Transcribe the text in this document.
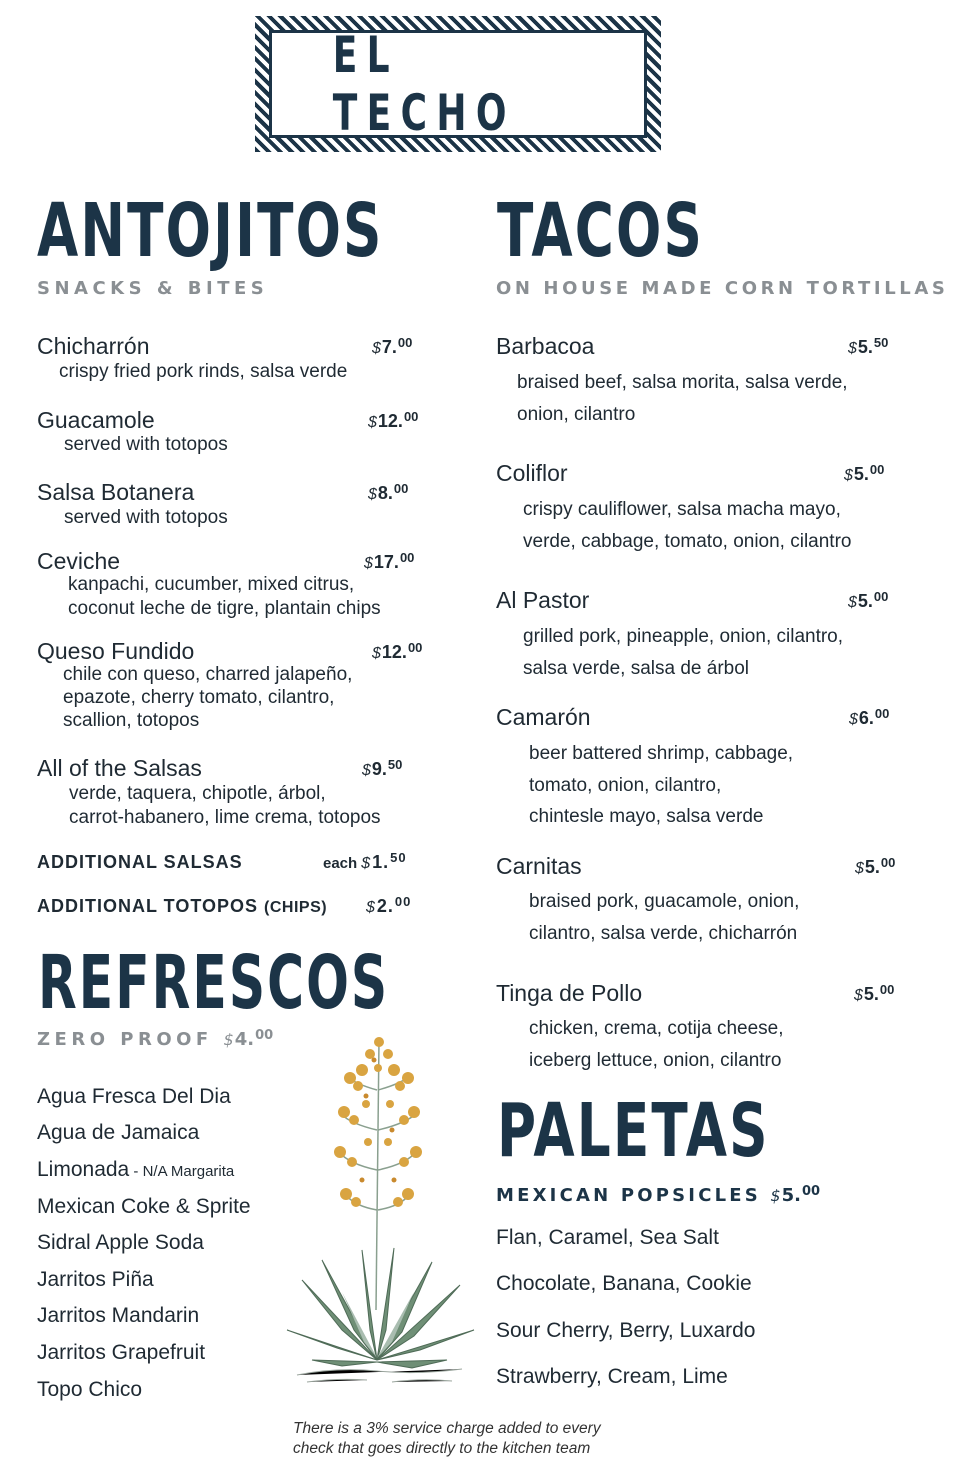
EL TECHO
ANTOJITOS
SNACKS & BITES
Chicharrón	$7.00

crispy fried pork rinds, salsa verde

Guacamole	$12.00

served with totopos

Salsa Botanera	$8.00

served with totopos

Ceviche	$17.00

kanpachi, cucumber, mixed citrus,
coconut leche de tigre, plantain chips

Queso Fundido	$12.00

chile con queso, charred jalapeño,
epazote, cherry tomato, cilantro,
scallion, totopos

All of the Salsas	$9.50

verde, taquera, chipotle, árbol,
carrot-habanero, lime crema, totopos

ADDITIONAL SALSAS	each $1.50
ADDITIONAL TOTOPOS (CHIPS) $2.00
REFRESCOS
ZERO PROOF $4.00
Agua Fresca Del Dia
Agua de Jamaica
Limonada - N/A Margarita
Mexican Coke & Sprite
Sidral Apple Soda
Jarritos Piña
Jarritos Mandarin
Jarritos Grapefruit
Topo Chico
TACOS
ON HOUSE MADE CORN TORTILLAS
Barbacoa	$5.50

braised beef, salsa morita, salsa verde,
onion, cilantro

Coliflor	$5.00

crispy cauliflower, salsa macha mayo,
verde, cabbage, tomato, onion, cilantro

Al Pastor	$5.00

grilled pork, pineapple, onion, cilantro,
salsa verde, salsa de árbol

Camarón	$6.00

beer battered shrimp, cabbage,
tomato, onion, cilantro,
chintesle mayo, salsa verde

Carnitas	$5.00

braised pork, guacamole, onion,
cilantro, salsa verde, chicharrón

Tinga de Pollo	$5.00

chicken, crema, cotija cheese,
iceberg lettuce, onion, cilantro

PALETAS
MEXICAN POPSICLES $5.00
Flan, Caramel, Sea Salt
Chocolate, Banana, Cookie
Sour Cherry, Berry, Luxardo
Strawberry, Cream, Lime

There is a 3% service charge added to every
check that goes directly to the kitchen team
